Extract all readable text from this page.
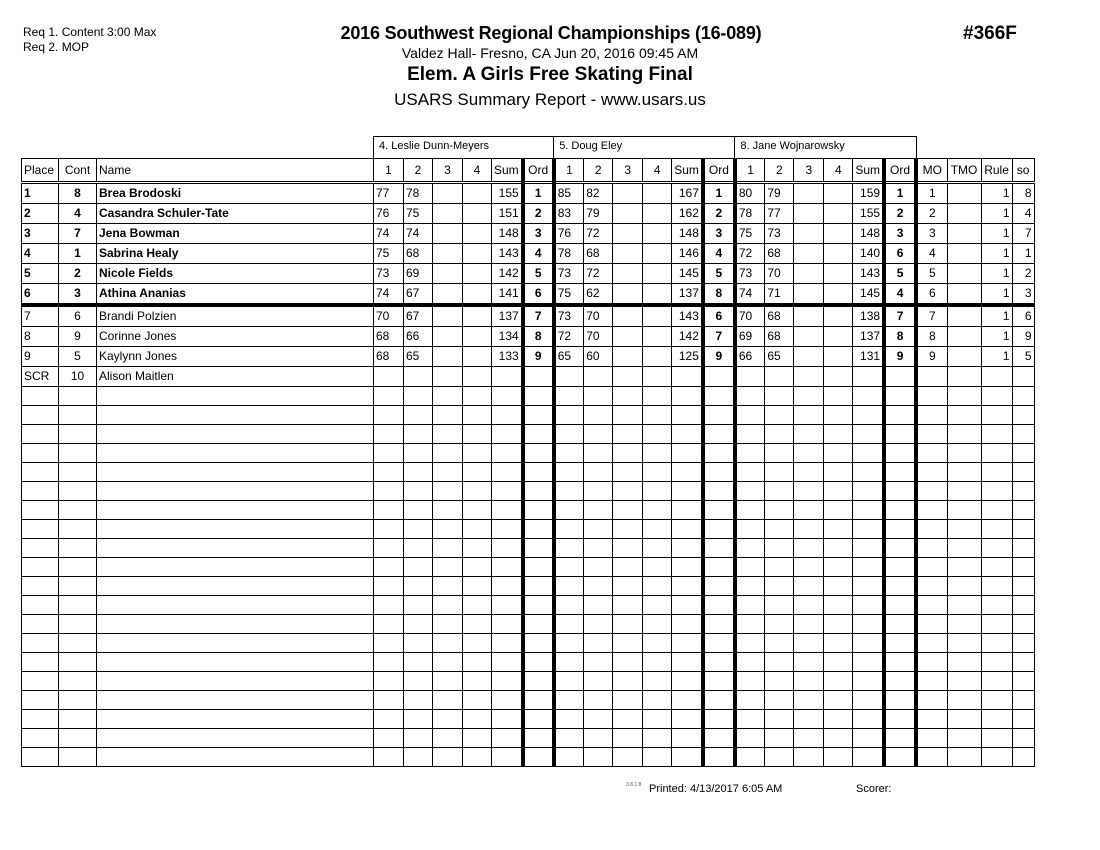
Req 1. Content 3:00 Max
Req 2. MOP
2016 Southwest Regional Championships (16-089)
Valdez Hall- Fresno, CA Jun 20, 2016 09:45 AM
Elem. A Girls Free Skating Final
USARS Summary Report - www.usars.us
#366F
			4. Leslie Dunn-Meyers						5. Doug Eley						8. Jane Wojnarowsky									
Place	Cont	Name	1	2	3	4	Sum	Ord	1	2	3	4	Sum	Ord	1	2	3	4	Sum	Ord	MO	TMO	Rule	so
1	8	Brea Brodoski	77	78			155	1	85	82			167	1	80	79			159	1	1		1	8
2	4	Casandra Schuler-Tate	76	75			151	2	83	79			162	2	78	77			155	2	2		1	4
3	7	Jena Bowman	74	74			148	3	76	72			148	3	75	73			148	3	3		1	7
4	1	Sabrina Healy	75	68			143	4	78	68			146	4	72	68			140	6	4		1	1
5	2	Nicole Fields	73	69			142	5	73	72			145	5	73	70			143	5	5		1	2
6	3	Athina Ananias	74	67			141	6	75	62			137	8	74	71			145	4	6		1	3
7	6	Brandi Polzien	70	67			137	7	73	70			143	6	70	68			138	7	7		1	6
8	9	Corinne Jones	68	66			134	8	72	70			142	7	69	68			137	8	8		1	9
9	5	Kaylynn Jones	68	65			133	9	65	60			125	9	66	65			131	9	9		1	5
SCR	10	Alison Maitlen																						

3.8.1.8 Printed: 4/13/2017 6:05 AM	Scorer:
